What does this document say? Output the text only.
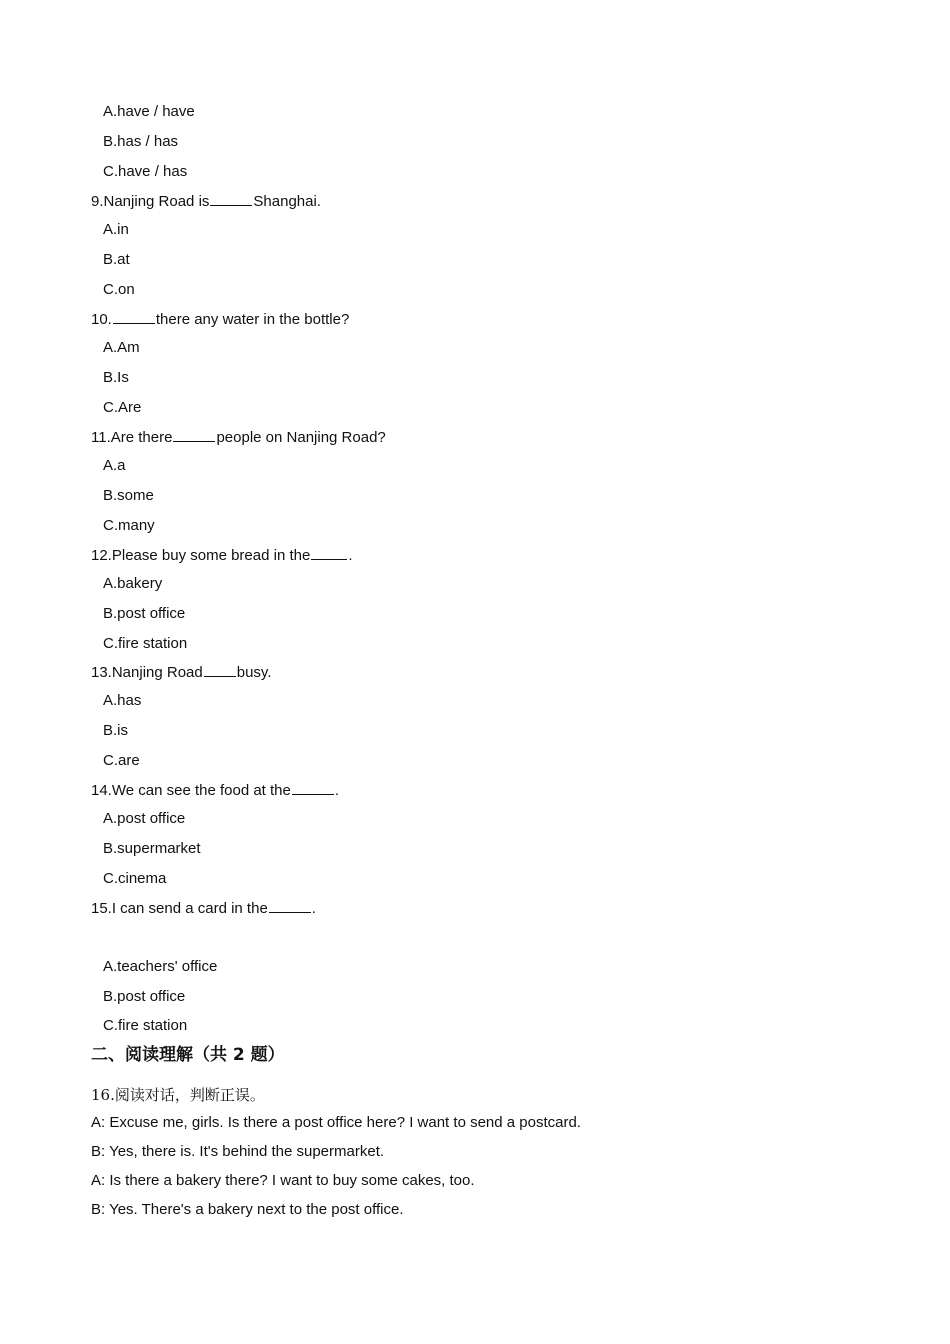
A.have / have
B.has / has
C.have / has
9.Nanjing Road is	Shanghai.
A.in
B.at
C.on
10.	there any water in the bottle?
A.Am
B.Is
C.Are
11.Are there	people on Nanjing Road?
A.a
B.some
C.many
12.Please buy some bread in the	.
A.bakery
B.post office
C.fire station
13.Nanjing Road busy.
A.has
B.is
C.are
14.We can see the food at the	.
A.post office
B.supermarket
C.cinema
15.I can send a card in the	.
A.teachers' office
B.post office
C.fire station
二、阅读理解（共 2 题）
16.阅读对话，判断正误。
A: Excuse me, girls. Is there a post office here? I want to send a postcard.
B: Yes, there is. It's behind the supermarket.
A: Is there a bakery there? I want to buy some cakes, too.
B: Yes. There's a bakery next to the post office.
